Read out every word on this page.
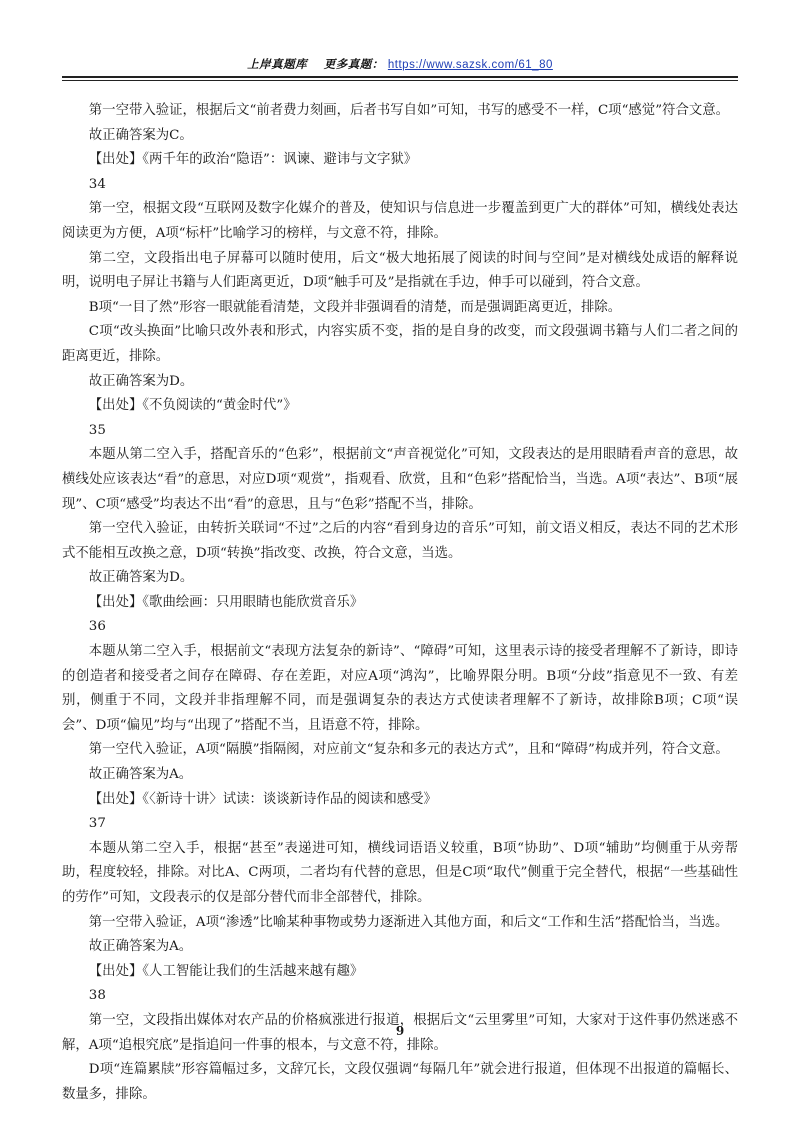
上岸真题库 更多真题： https://www.sazsk.com/61_80

第一空带入验证，根据后文“前者费力刻画，后者书写自如”可知，书写的感受不一样，C项“感觉”符合文意。

故正确答案为C。

【出处】《两千年的政治“隐语”：讽谏、避讳与文字狱》

34

第一空，根据文段“互联网及数字化媒介的普及，使知识与信息进一步覆盖到更广大的群体”可知，横线处表达阅读更为方便，A项“标杆”比喻学习的榜样，与文意不符，排除。

第二空，文段指出电子屏幕可以随时使用，后文“极大地拓展了阅读的时间与空间”是对横线处成语的解释说明，说明电子屏让书籍与人们距离更近，D项“触手可及”是指就在手边，伸手可以碰到，符合文意。

B项“一目了然”形容一眼就能看清楚，文段并非强调看的清楚，而是强调距离更近，排除。

C项“改头换面”比喻只改外表和形式，内容实质不变，指的是自身的改变，而文段强调书籍与人们二者之间的距离更近，排除。

故正确答案为D。

【出处】《不负阅读的“黄金时代”》

35

本题从第二空入手，搭配音乐的“色彩”，根据前文“声音视觉化”可知，文段表达的是用眼睛看声音的意思，故横线处应该表达“看”的意思，对应D项“观赏”，指观看、欣赏，且和“色彩”搭配恰当，当选。A项“表达”、B项“展现”、C项“感受”均表达不出“看”的意思，且与“色彩”搭配不当，排除。

第一空代入验证，由转折关联词“不过”之后的内容“看到身边的音乐”可知，前文语义相反，表达不同的艺术形式不能相互改换之意，D项“转换”指改变、改换，符合文意，当选。

故正确答案为D。

【出处】《歌曲绘画：只用眼睛也能欣赏音乐》

36

本题从第二空入手，根据前文“表现方法复杂的新诗”、“障碍”可知，这里表示诗的接受者理解不了新诗，即诗的创造者和接受者之间存在障碍、存在差距，对应A项“鸿沟”，比喻界限分明。B项“分歧”指意见不一致、有差别，侧重于不同，文段并非指理解不同，而是强调复杂的表达方式使读者理解不了新诗，故排除B项；C项“误会”、D项“偏见”均与“出现了”搭配不当，且语意不符，排除。

第一空代入验证，A项“隔膜”指隔阂，对应前文“复杂和多元的表达方式”，且和“障碍”构成并列，符合文意。

故正确答案为A。

【出处】《〈新诗十讲〉试读：谈谈新诗作品的阅读和感受》

37

本题从第二空入手，根据“甚至”表递进可知，横线词语语义较重，B项“协助”、D项“辅助”均侧重于从旁帮助，程度较轻，排除。对比A、C两项，二者均有代替的意思，但是C项“取代”侧重于完全替代，根据“一些基础性的劳作”可知，文段表示的仅是部分替代而非全部替代，排除。

第一空带入验证，A项“渗透”比喻某种事物或势力逐渐进入其他方面，和后文“工作和生活”搭配恰当，当选。

故正确答案为A。

【出处】《人工智能让我们的生活越来越有趣》

38

第一空，文段指出媒体对农产品的价格疯涨进行报道，根据后文“云里雾里”可知，大家对于这件事仍然迷惑不解，A项“追根究底”是指追问一件事的根本，与文意不符，排除。

D项“连篇累牍”形容篇幅过多，文辞冗长，文段仅强调“每隔几年”就会进行报道，但体现不出报道的篇幅长、数量多，排除。

9
